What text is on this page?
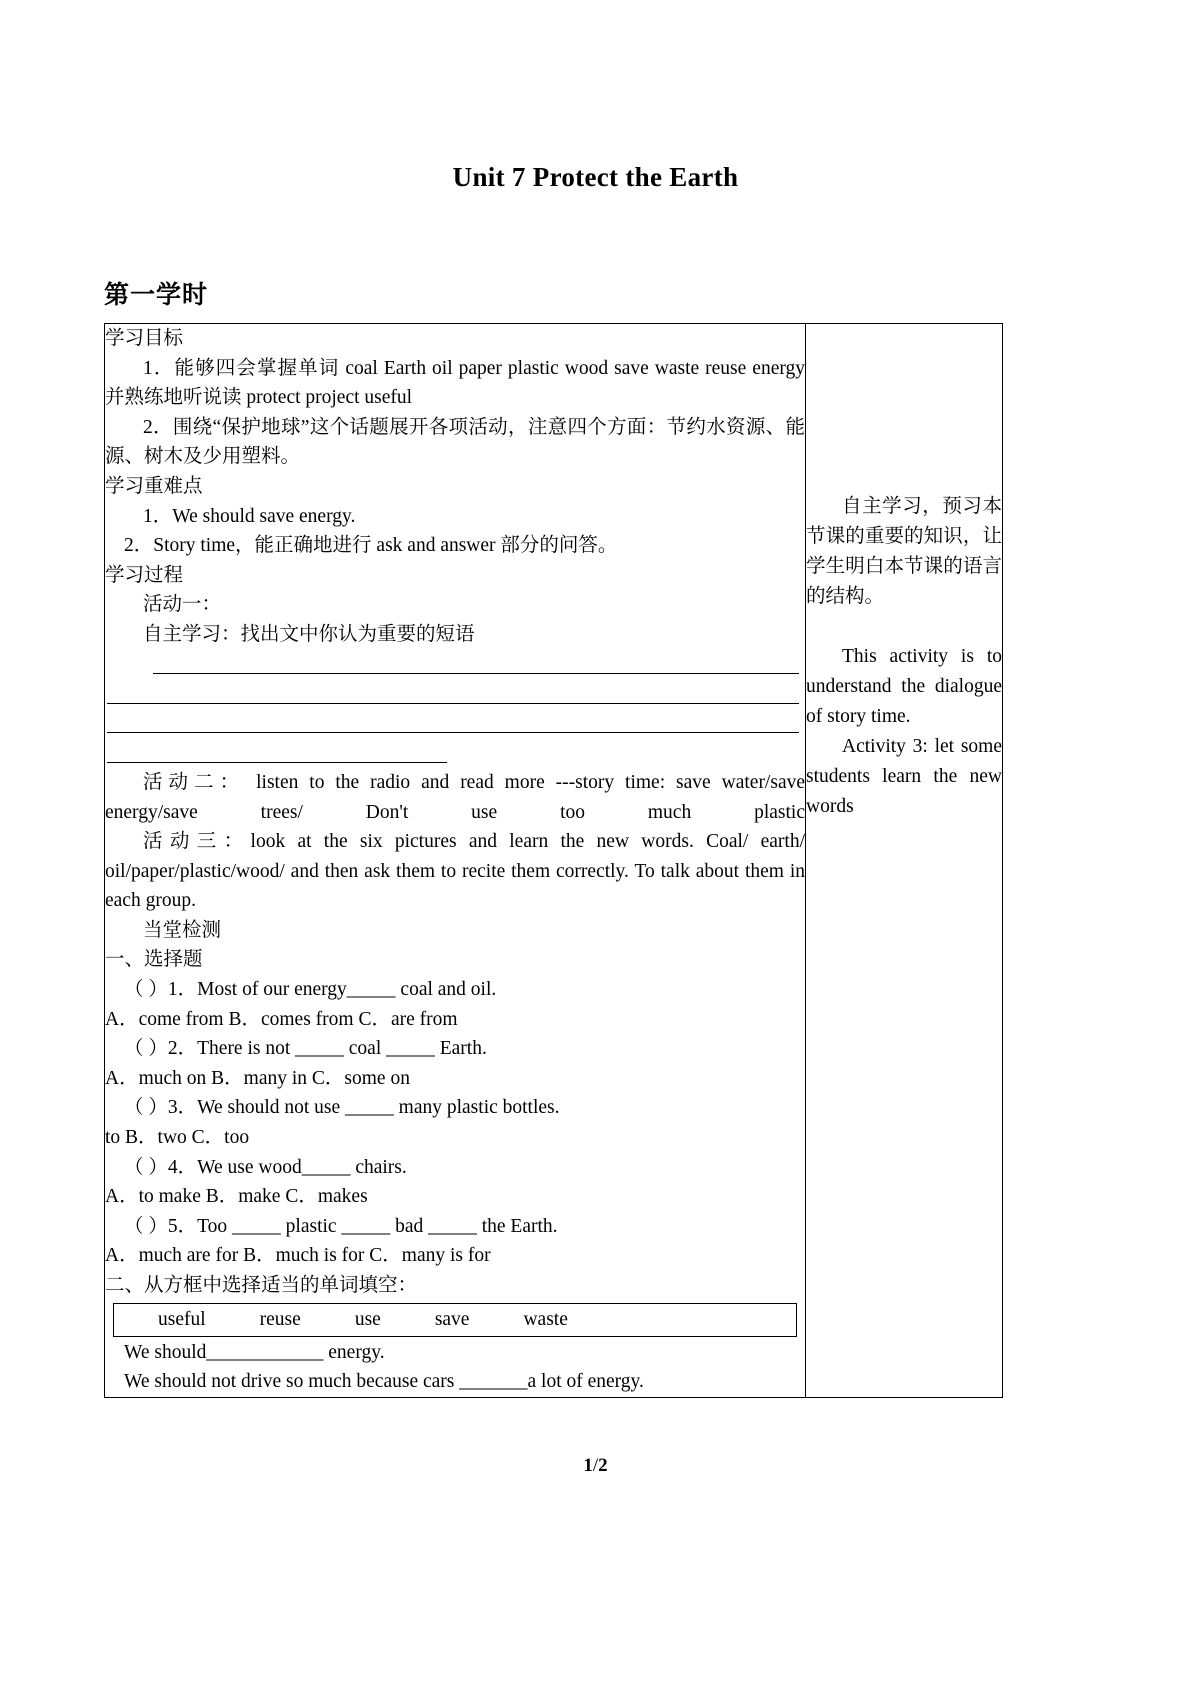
Unit 7 Protect the Earth
第一学时

学习目标

1．能够四会掌握单词 coal Earth oil paper plastic wood save waste reuse energy 并熟练地听说读 protect project useful

2．围绕“保护地球”这个话题展开各项活动，注意四个方面：节约水资源、能源、树木及少用塑料。

学习重难点

1．We should save energy.

2．Story time，能正确地进行 ask and answer 部分的问答。

学习过程

活动一：

自主学习：找出文中你认为重要的短语

活动二： listen to the radio and read more ---story time: save water/save energy/save trees/ Don't use too much plastic

活动三：look at the six pictures and learn the new words. Coal/ earth/ oil/paper/plastic/wood/ and then ask them to recite them correctly. To talk about them in each group.

当堂检测

一、选择题

（ ）1．Most of our energy_____ coal and oil.

A．come from B．comes from C．are from

（ ）2．There is not _____ coal _____ Earth.

A．much on B．many in C．some on

（ ）3．We should not use _____ many plastic bottles.

to B．two C．too

（ ）4．We use wood_____ chairs.

A．to make B．make C．makes

（ ）5．Too _____ plastic _____ bad _____ the Earth.

A．much are for B．much is for C．many is for

二、从方框中选择适当的单词填空：

useful	reuse	use	save	waste

We should____________ energy.

We should not drive so much because cars _______a lot of energy.

自主学习，预习本节课的重要的知识，让学生明白本节课的语言的结构。

This activity is to understand the dialogue of story time.

Activity 3: let some students learn the new words

1/2
